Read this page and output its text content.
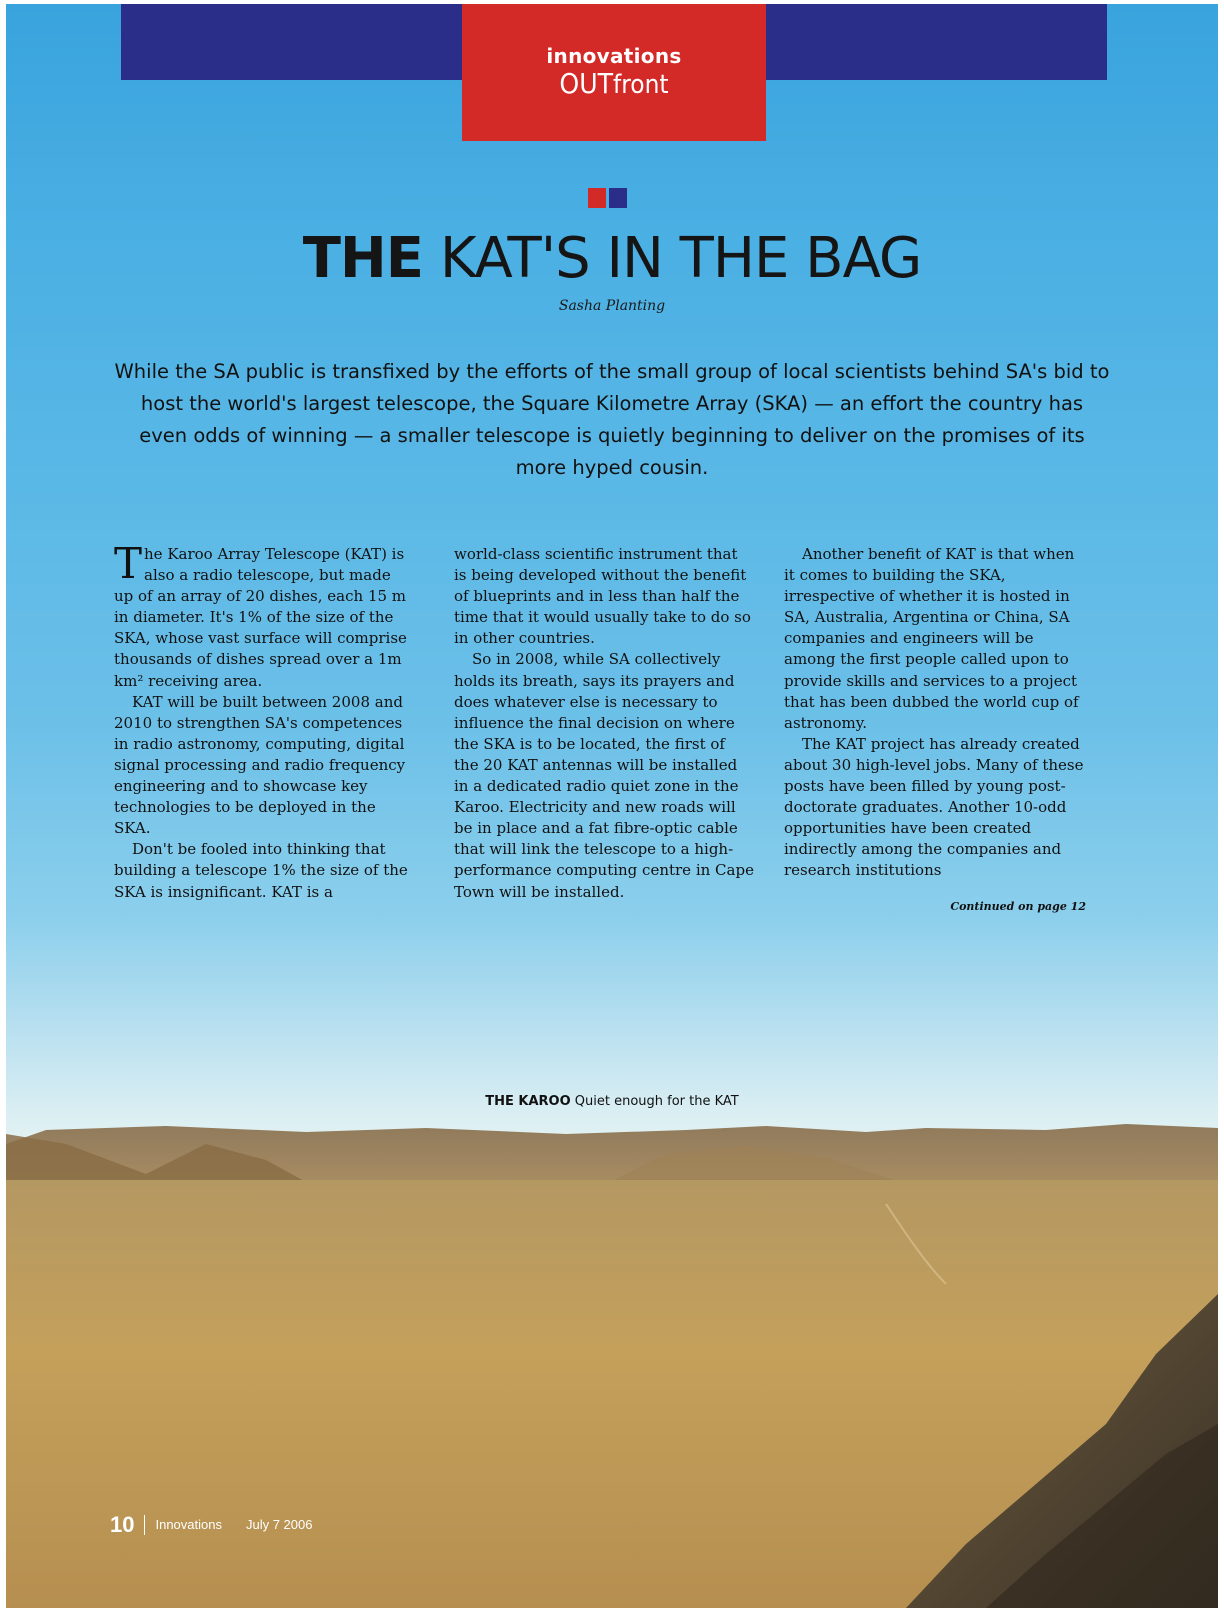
innovations
OUTfront
THE KAT'S IN THE BAG
Sasha Planting
While the SA public is transfixed by the efforts of the small group of local scientists behind SA's bid to host the world's largest telescope, the Square Kilometre Array (SKA) — an effort the country has even odds of winning — a smaller telescope is quietly beginning to deliver on the promises of its more hyped cousin.

The Karoo Array Telescope (KAT) is also a radio telescope, but made up of an array of 20 dishes, each 15 m in diameter. It's 1% of the size of the SKA, whose vast surface will comprise thousands of dishes spread over a 1m km² receiving area.

KAT will be built between 2008 and 2010 to strengthen SA's competences in radio astronomy, computing, digital signal processing and radio frequency engineering and to showcase key technologies to be deployed in the SKA.

Don't be fooled into thinking that building a telescope 1% the size of the SKA is insignificant. KAT is a

world-class scientific instrument that is being developed without the benefit of blueprints and in less than half the time that it would usually take to do so in other countries.

So in 2008, while SA collectively holds its breath, says its prayers and does whatever else is necessary to influence the final decision on where the SKA is to be located, the first of the 20 KAT antennas will be installed in a dedicated radio quiet zone in the Karoo. Electricity and new roads will be in place and a fat fibre-optic cable that will link the telescope to a high-performance computing centre in Cape Town will be installed.

Another benefit of KAT is that when it comes to building the SKA, irrespective of whether it is hosted in SA, Australia, Argentina or China, SA companies and engineers will be among the first people called upon to provide skills and services to a project that has been dubbed the world cup of astronomy.

The KAT project has already created about 30 high-level jobs. Many of these posts have been filled by young post-doctorate graduates. Another 10-odd opportunities have been created indirectly among the companies and research institutions

Continued on page 12
THE KAROO Quiet enough for the KAT
10 Innovations July 7 2006
